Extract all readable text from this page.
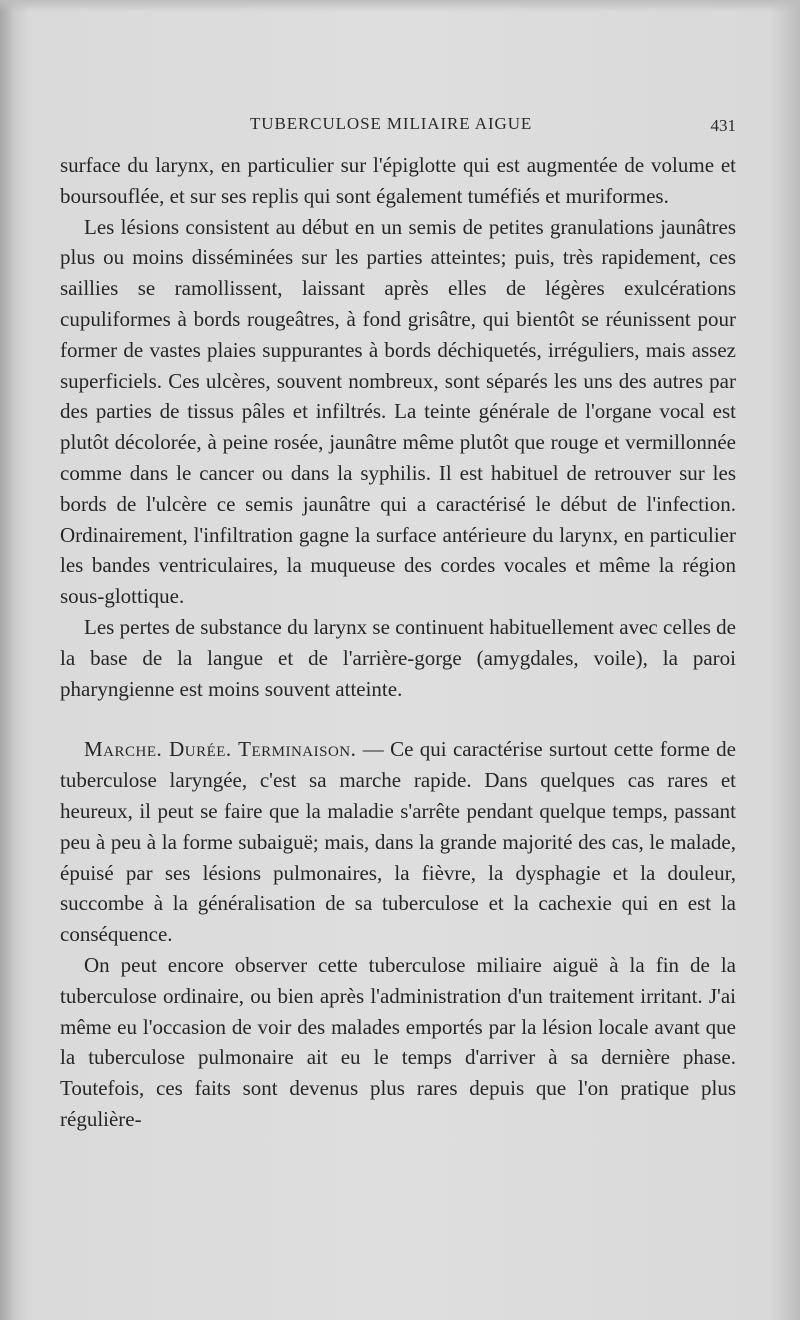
TUBERCULOSE MILIAIRE AIGUE	431

surface du larynx, en particulier sur l'épiglotte qui est augmentée de volume et boursouflée, et sur ses replis qui sont également tuméfiés et muriformes.

Les lésions consistent au début en un semis de petites granulations jaunâtres plus ou moins disséminées sur les parties atteintes; puis, très rapidement, ces saillies se ramollissent, laissant après elles de légères exulcérations cupuliformes à bords rougeâtres, à fond grisâtre, qui bientôt se réunissent pour former de vastes plaies suppurantes à bords déchiquetés, irréguliers, mais assez superficiels. Ces ulcères, souvent nombreux, sont séparés les uns des autres par des parties de tissus pâles et infiltrés. La teinte générale de l'organe vocal est plutôt décolorée, à peine rosée, jaunâtre même plutôt que rouge et vermillonnée comme dans le cancer ou dans la syphilis. Il est habituel de retrouver sur les bords de l'ulcère ce semis jaunâtre qui a caractérisé le début de l'infection. Ordinairement, l'infiltration gagne la surface antérieure du larynx, en particulier les bandes ventriculaires, la muqueuse des cordes vocales et même la région sous-glottique.

Les pertes de substance du larynx se continuent habituellement avec celles de la base de la langue et de l'arrière-gorge (amygdales, voile), la paroi pharyngienne est moins souvent atteinte.

Marche. Durée. Terminaison. — Ce qui caractérise surtout cette forme de tuberculose laryngée, c'est sa marche rapide. Dans quelques cas rares et heureux, il peut se faire que la maladie s'arrête pendant quelque temps, passant peu à peu à la forme subaiguë; mais, dans la grande majorité des cas, le malade, épuisé par ses lésions pulmonaires, la fièvre, la dysphagie et la douleur, succombe à la généralisation de sa tuberculose et la cachexie qui en est la conséquence.

On peut encore observer cette tuberculose miliaire aiguë à la fin de la tuberculose ordinaire, ou bien après l'administration d'un traitement irritant. J'ai même eu l'occasion de voir des malades emportés par la lésion locale avant que la tuberculose pulmonaire ait eu le temps d'arriver à sa dernière phase. Toutefois, ces faits sont devenus plus rares depuis que l'on pratique plus régulière-
